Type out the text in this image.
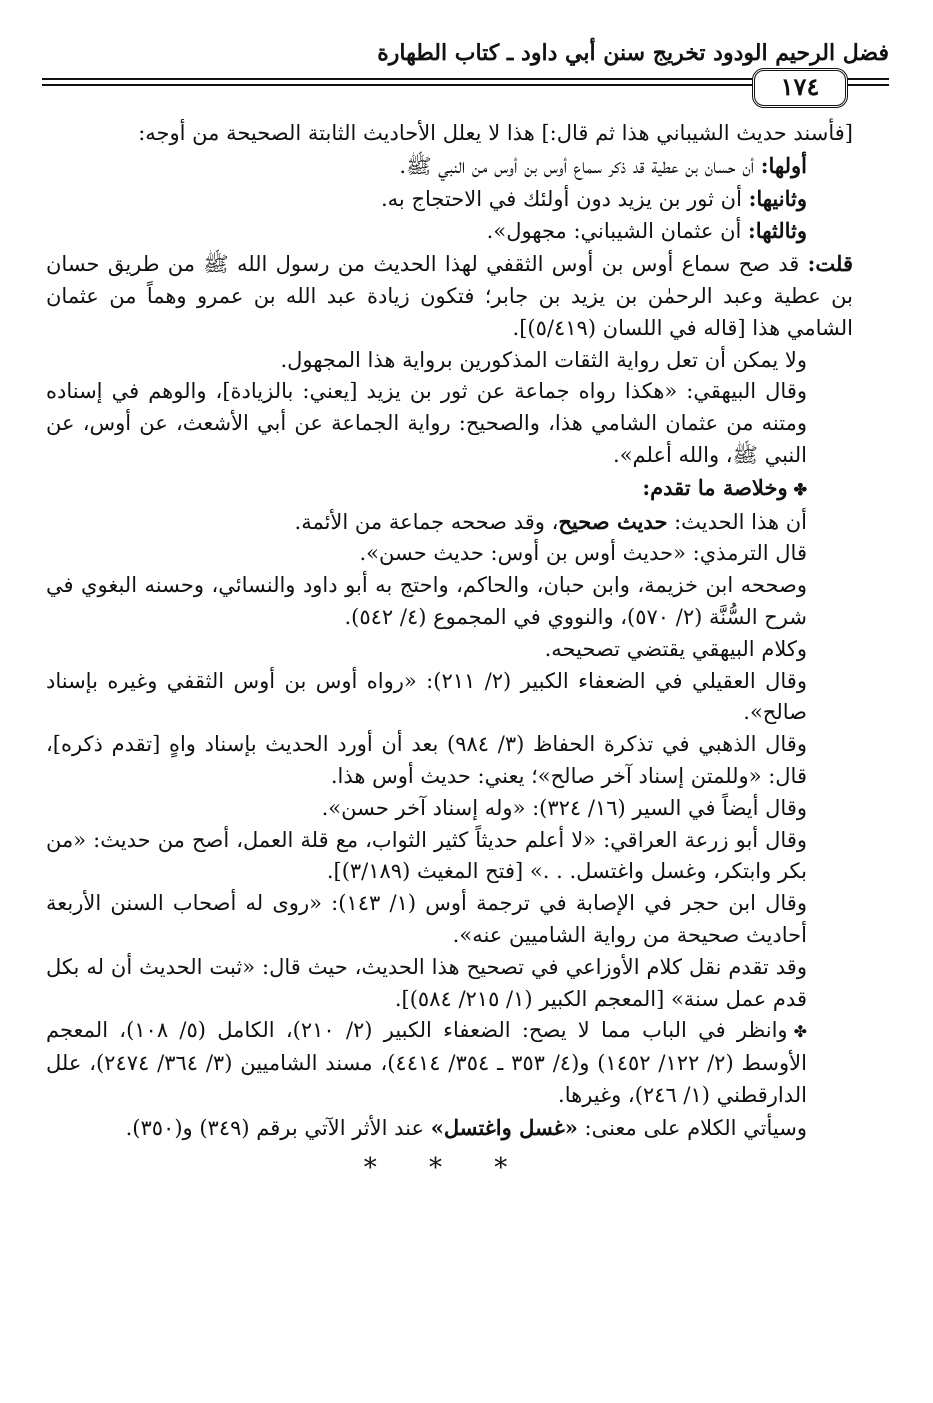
فضل الرحيم الودود تخريج سنن أبي داود ـ كتاب الطهارة
١٧٤

[فأسند حديث الشيباني هذا ثم قال:] هذا لا يعلل الأحاديث الثابتة الصحيحة من أوجه:

أولها: أن حسان بن عطية قد ذكر سماع أوس بن أوس من النبي ﷺ.

وثانيها: أن ثور بن يزيد دون أولئك في الاحتجاج به.

وثالثها: أن عثمان الشيباني: مجهول».

قلت: قد صح سماع أوس بن أوس الثقفي لهذا الحديث من رسول الله ﷺ من طريق حسان بن عطية وعبد الرحمٰن بن يزيد بن جابر؛ فتكون زيادة عبد الله بن عمرو وهماً من عثمان الشامي هذا [قاله في اللسان (٥/٤١٩)].

ولا يمكن أن تعل رواية الثقات المذكورين برواية هذا المجهول.

وقال البيهقي: «هكذا رواه جماعة عن ثور بن يزيد [يعني: بالزيادة]، والوهم في إسناده ومتنه من عثمان الشامي هذا، والصحيح: رواية الجماعة عن أبي الأشعث، عن أوس، عن النبي ﷺ، والله أعلم».

✤وخلاصة ما تقدم:

أن هذا الحديث: حديث صحيح، وقد صححه جماعة من الأئمة.

قال الترمذي: «حديث أوس بن أوس: حديث حسن».

وصححه ابن خزيمة، وابن حبان، والحاكم، واحتج به أبو داود والنسائي، وحسنه البغوي في شرح السُّنَّة (٢/ ٥٧٠)، والنووي في المجموع (٤/ ٥٤٢).

وكلام البيهقي يقتضي تصحيحه.

وقال العقيلي في الضعفاء الكبير (٢/ ٢١١): «رواه أوس بن أوس الثقفي وغيره بإسناد صالح».

وقال الذهبي في تذكرة الحفاظ (٣/ ٩٨٤) بعد أن أورد الحديث بإسناد واهٍ [تقدم ذكره]، قال: «وللمتن إسناد آخر صالح»؛ يعني: حديث أوس هذا.

وقال أيضاً في السير (١٦/ ٣٢٤): «وله إسناد آخر حسن».

وقال أبو زرعة العراقي: «لا أعلم حديثاً كثير الثواب، مع قلة العمل، أصح من حديث: «من بكر وابتكر، وغسل واغتسل. . .» [فتح المغيث (٣/١٨٩)].

وقال ابن حجر في الإصابة في ترجمة أوس (١/ ١٤٣): «روى له أصحاب السنن الأربعة أحاديث صحيحة من رواية الشاميين عنه».

وقد تقدم نقل كلام الأوزاعي في تصحيح هذا الحديث، حيث قال: «ثبت الحديث أن له بكل قدم عمل سنة» [المعجم الكبير (١/ ٢١٥/ ٥٨٤)].

✤وانظر في الباب مما لا يصح: الضعفاء الكبير (٢/ ٢١٠)، الكامل (٥/ ١٠٨)، المعجم الأوسط (٢/ ١٢٢/ ١٤٥٢) و(٤/ ٣٥٣ ـ ٣٥٤/ ٤٤١٤)، مسند الشاميين (٣/ ٣٦٤/ ٢٤٧٤)، علل الدارقطني (١/ ٢٤٦)، وغيرها.

وسيأتي الكلام على معنى: «غسل واغتسل» عند الأثر الآتي برقم (٣٤٩) و(٣٥٠).

* * *
